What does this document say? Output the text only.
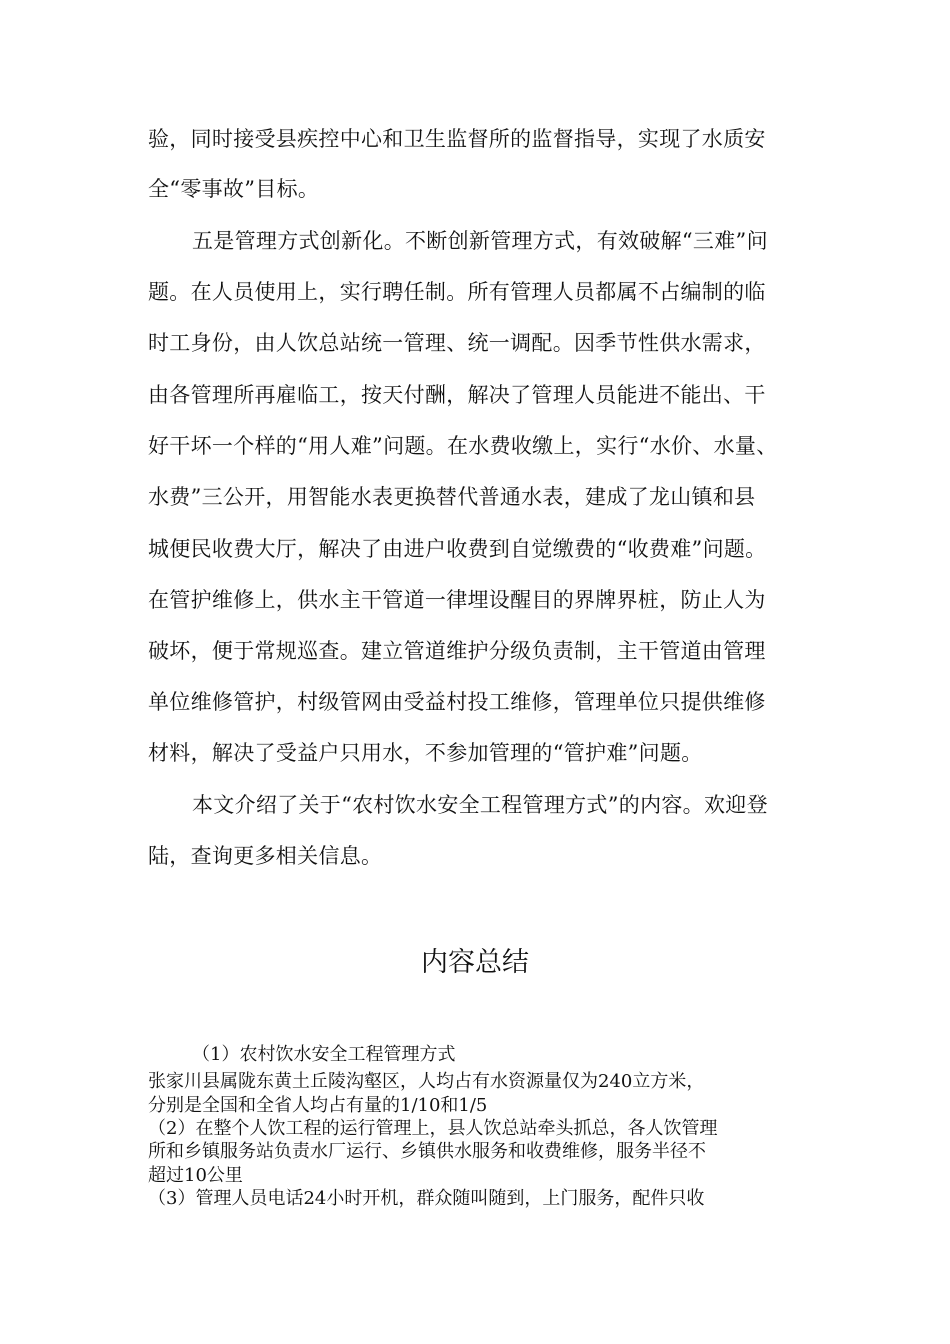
验，同时接受县疾控中心和卫生监督所的监督指导，实现了水质安
全“零事故”目标。
五是管理方式创新化。不断创新管理方式，有效破解“三难”问
题。在人员使用上，实行聘任制。所有管理人员都属不占编制的临
时工身份，由人饮总站统一管理、统一调配。因季节性供水需求，
由各管理所再雇临工，按天付酬，解决了管理人员能进不能出、干
好干坏一个样的“用人难”问题。在水费收缴上，实行“水价、水量、
水费”三公开，用智能水表更换替代普通水表，建成了龙山镇和县
城便民收费大厅，解决了由进户收费到自觉缴费的“收费难”问题。
在管护维修上，供水主干管道一律埋设醒目的界牌界桩，防止人为
破坏，便于常规巡查。建立管道维护分级负责制，主干管道由管理
单位维修管护，村级管网由受益村投工维修，管理单位只提供维修
材料，解决了受益户只用水，不参加管理的“管护难”问题。
本文介绍了关于“农村饮水安全工程管理方式”的内容。欢迎登
陆，查询更多相关信息。
内容总结
（1）农村饮水安全工程管理方式
张家川县属陇东黄土丘陵沟壑区，人均占有水资源量仅为240立方米，
分别是全国和全省人均占有量的1/10和1/5
（2）在整个人饮工程的运行管理上，县人饮总站牵头抓总，各人饮管理
所和乡镇服务站负责水厂运行、乡镇供水服务和收费维修，服务半径不
超过10公里
（3）管理人员电话24小时开机，群众随叫随到，上门服务，配件只收
